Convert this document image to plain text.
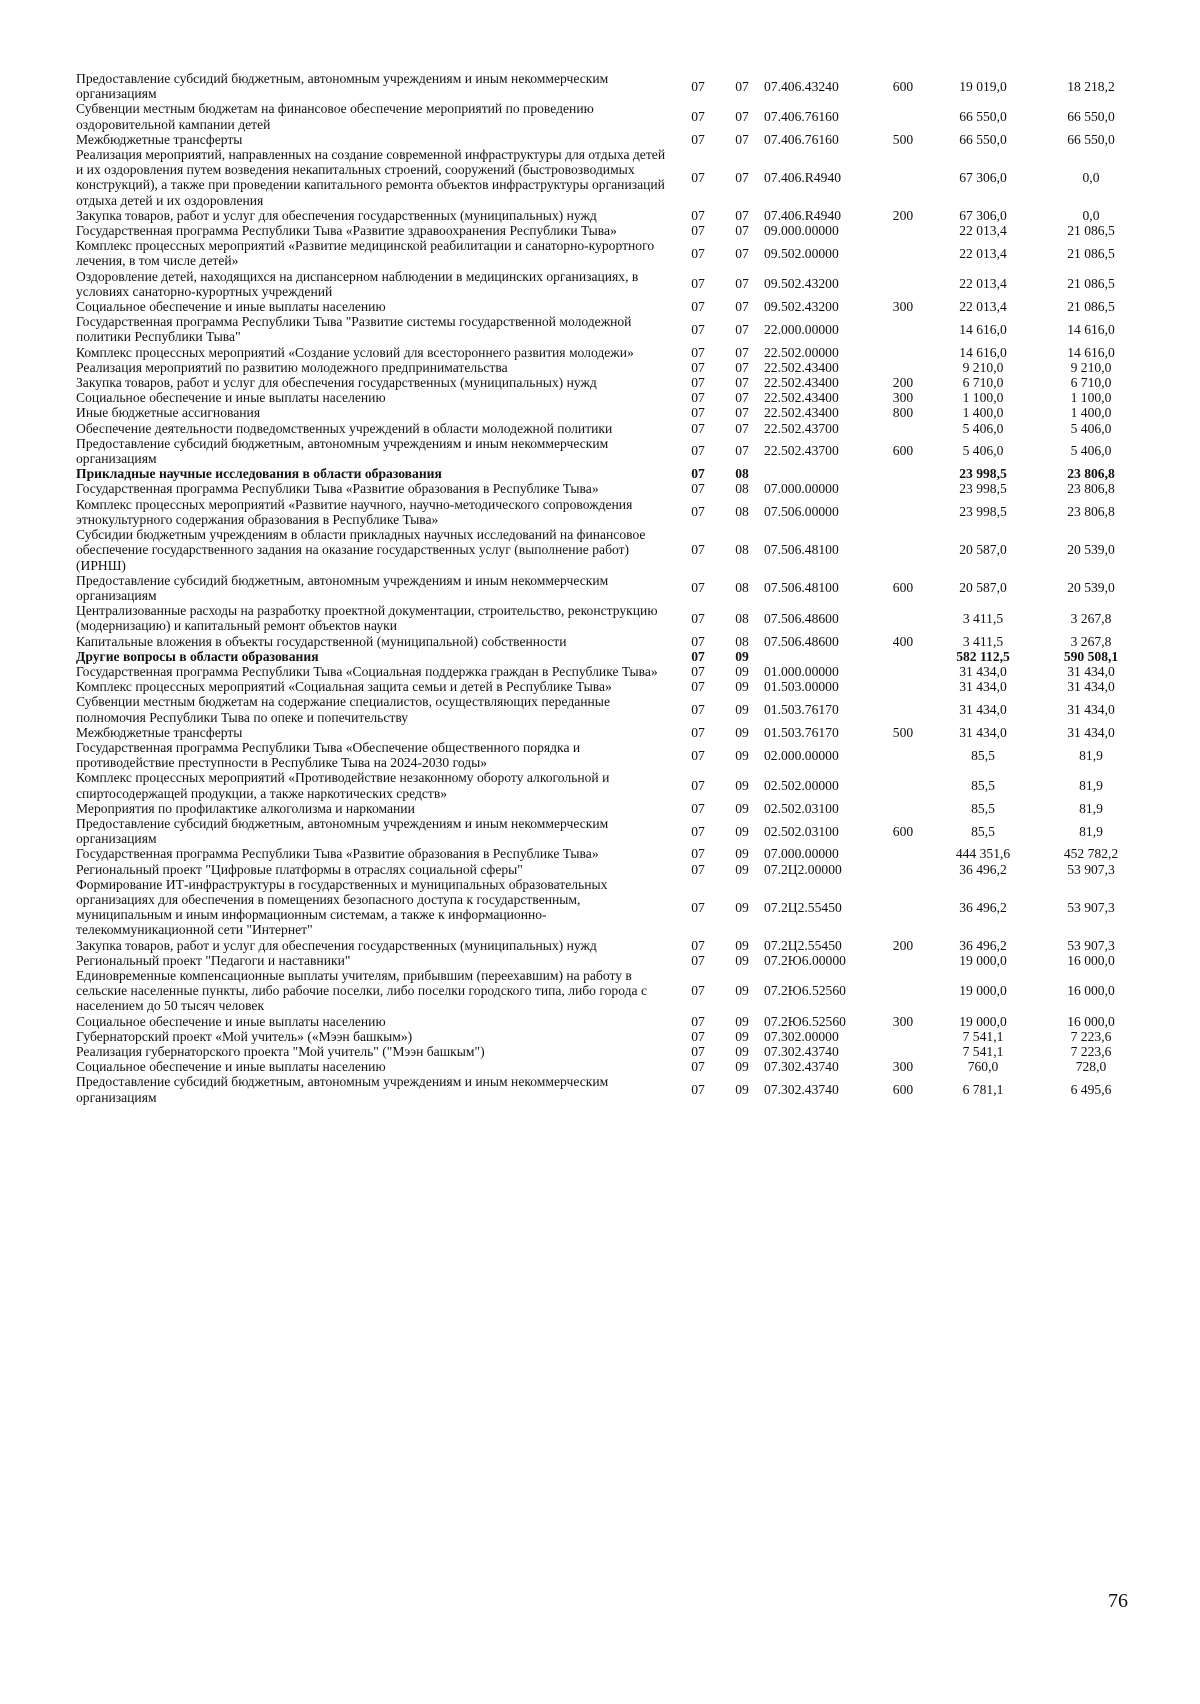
Предоставление субсидий бюджетным, автономным учреждениям и иным некоммерческим организациям	07	07	07.406.43240	600	19 019,0	18 218,2
Субвенции местным бюджетам на финансовое обеспечение мероприятий по проведению оздоровительной кампании детей	07	07	07.406.76160		66 550,0	66 550,0
Межбюджетные трансферты	07	07	07.406.76160	500	66 550,0	66 550,0
Реализация мероприятий, направленных на создание современной инфраструктуры для отдыха детей и их оздоровления путем возведения некапитальных строений, сооружений (быстровозводимых конструкций), а также при проведении капитального ремонта объектов инфраструктуры организаций отдыха детей и их оздоровления	07	07	07.406.R4940		67 306,0	0,0
Закупка товаров, работ и услуг для обеспечения государственных (муниципальных) нужд	07	07	07.406.R4940	200	67 306,0	0,0
Государственная программа Республики Тыва «Развитие здравоохранения Республики Тыва»	07	07	09.000.00000		22 013,4	21 086,5
Комплекс процессных мероприятий «Развитие медицинской реабилитации и санаторно-курортного лечения, в том числе детей»	07	07	09.502.00000		22 013,4	21 086,5
Оздоровление детей, находящихся на диспансерном наблюдении в медицинских организациях, в условиях санаторно-курортных учреждений	07	07	09.502.43200		22 013,4	21 086,5
Социальное обеспечение и иные выплаты населению	07	07	09.502.43200	300	22 013,4	21 086,5
Государственная программа Республики Тыва "Развитие системы государственной молодежной политики Республики Тыва"	07	07	22.000.00000		14 616,0	14 616,0
Комплекс процессных мероприятий «Создание условий для всестороннего развития молодежи»	07	07	22.502.00000		14 616,0	14 616,0
Реализация мероприятий по развитию молодежного предпринимательства	07	07	22.502.43400		9 210,0	9 210,0
Закупка товаров, работ и услуг для обеспечения государственных (муниципальных) нужд	07	07	22.502.43400	200	6 710,0	6 710,0
Социальное обеспечение и иные выплаты населению	07	07	22.502.43400	300	1 100,0	1 100,0
Иные бюджетные ассигнования	07	07	22.502.43400	800	1 400,0	1 400,0
Обеспечение деятельности подведомственных учреждений в области молодежной политики	07	07	22.502.43700		5 406,0	5 406,0
Предоставление субсидий бюджетным, автономным учреждениям и иным некоммерческим организациям	07	07	22.502.43700	600	5 406,0	5 406,0
Прикладные научные исследования в области образования	07	08			23 998,5	23 806,8
Государственная программа Республики Тыва «Развитие образования в Республике Тыва»	07	08	07.000.00000		23 998,5	23 806,8
Комплекс процессных мероприятий «Развитие научного, научно-методического сопровождения этнокультурного содержания образования в Республике Тыва»	07	08	07.506.00000		23 998,5	23 806,8
Субсидии бюджетным учреждениям в области прикладных научных исследований на финансовое обеспечение государственного задания на оказание государственных услуг (выполнение работ) (ИРНШ)	07	08	07.506.48100		20 587,0	20 539,0
Предоставление субсидий бюджетным, автономным учреждениям и иным некоммерческим организациям	07	08	07.506.48100	600	20 587,0	20 539,0
Централизованные расходы на разработку проектной документации, строительство, реконструкцию (модернизацию) и капитальный ремонт объектов науки	07	08	07.506.48600		3 411,5	3 267,8
Капитальные вложения в объекты государственной (муниципальной) собственности	07	08	07.506.48600	400	3 411,5	3 267,8
Другие вопросы в области образования	07	09			582 112,5	590 508,1
Государственная программа Республики Тыва «Социальная поддержка граждан в Республике Тыва»	07	09	01.000.00000		31 434,0	31 434,0
Комплекс процессных мероприятий «Социальная защита семьи и детей в Республике Тыва»	07	09	01.503.00000		31 434,0	31 434,0
Субвенции местным бюджетам на содержание специалистов, осуществляющих переданные полномочия Республики Тыва по опеке и попечительству	07	09	01.503.76170		31 434,0	31 434,0
Межбюджетные трансферты	07	09	01.503.76170	500	31 434,0	31 434,0
Государственная программа Республики Тыва «Обеспечение общественного порядка и противодействие преступности в Республике Тыва на 2024-2030 годы»	07	09	02.000.00000		85,5	81,9
Комплекс процессных мероприятий «Противодействие незаконному обороту алкогольной и спиртосодержащей продукции, а также наркотических средств»	07	09	02.502.00000		85,5	81,9
Мероприятия по профилактике алкоголизма и наркомании	07	09	02.502.03100		85,5	81,9
Предоставление субсидий бюджетным, автономным учреждениям и иным некоммерческим организациям	07	09	02.502.03100	600	85,5	81,9
Государственная программа Республики Тыва «Развитие образования в Республике Тыва»	07	09	07.000.00000		444 351,6	452 782,2
Региональный проект "Цифровые платформы в отраслях социальной сферы"	07	09	07.2Ц2.00000		36 496,2	53 907,3
Формирование ИТ-инфраструктуры в государственных и муниципальных образовательных организациях для обеспечения в помещениях безопасного доступа к государственным, муниципальным и иным информационным системам, а также к информационно-телекоммуникационной сети "Интернет"	07	09	07.2Ц2.55450		36 496,2	53 907,3
Закупка товаров, работ и услуг для обеспечения государственных (муниципальных) нужд	07	09	07.2Ц2.55450	200	36 496,2	53 907,3
Региональный проект "Педагоги и наставники"	07	09	07.2Ю6.00000		19 000,0	16 000,0
Единовременные компенсационные выплаты учителям, прибывшим (переехавшим) на работу в сельские населенные пункты, либо рабочие поселки, либо поселки городского типа, либо города с населением до 50 тысяч человек	07	09	07.2Ю6.52560		19 000,0	16 000,0
Социальное обеспечение и иные выплаты населению	07	09	07.2Ю6.52560	300	19 000,0	16 000,0
Губернаторский проект «Мой учитель» («Мээн башкым»)	07	09	07.302.00000		7 541,1	7 223,6
Реализация губернаторского проекта "Мой учитель" ("Мээн башкым")	07	09	07.302.43740		7 541,1	7 223,6
Социальное обеспечение и иные выплаты населению	07	09	07.302.43740	300	760,0	728,0
Предоставление субсидий бюджетным, автономным учреждениям и иным некоммерческим организациям	07	09	07.302.43740	600	6 781,1	6 495,6
76
